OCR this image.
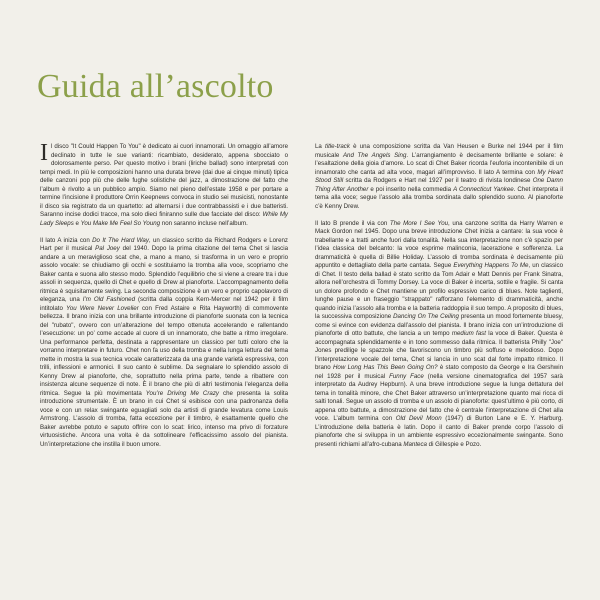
Guida all’ascolto

Il disco "It Could Happen To You" è dedicato ai cuori innamorati. Un omaggio all’amore declinato in tutte le sue varianti: ricambiato, desiderato, appena sbocciato o dolorosamente perso. Per questo motivo i brani (liriche ballad) sono interpretati con tempi medi. In più le composizioni hanno una durata breve (dai due ai cinque minuti) tipica delle canzoni pop più che delle fughe solistiche del jazz, a dimostrazione del fatto che l’album è rivolto a un pubblico ampio. Siamo nel pieno dell’estate 1958 e per portare a termine l’incisione il produttore Orrin Keepnews convoca in studio sei musicisti, nonostante il disco sia registrato da un quartetto: ad alternarsi i due contrabbassisti e i due batteristi. Saranno incise dodici tracce, ma solo dieci finiranno sulle due facciate del disco: While My Lady Sleeps e You Make Me Feel So Young non saranno incluse nell’album.

Il lato A inizia con Do It The Hard Way, un classico scritto da Richard Rodgers e Lorenz Hart per il musical Pal Joey del 1940. Dopo la prima citazione del tema Chet si lascia andare a un meraviglioso scat che, a mano a mano, si trasforma in un vero e proprio assolo vocale: se chiudiamo gli occhi e sostituiamo la tromba alla voce, scopriamo che Baker canta e suona allo stesso modo. Splendido l’equilibrio che si viene a creare tra i due assoli in sequenza, quello di Chet e quello di Drew al pianoforte. L’accompagnamento della ritmica è squisitamente swing. La seconda composizione è un vero e proprio capolavoro di eleganza, una I’m Old Fashioned (scritta dalla coppia Kern-Mercer nel 1942 per il film intitolato You Were Never Lovelier con Fred Astaire e Rita Hayworth) di commovente bellezza. Il brano inizia con una brillante introduzione di pianoforte suonata con la tecnica del "rubato", ovvero con un’alterazione del tempo ottenuta accelerando e rallentando l’esecuzione: un po’ come accade al cuore di un innamorato, che batte a ritmo irregolare. Una performance perfetta, destinata a rappresentare un classico per tutti coloro che la vorranno interpretare in futuro. Chet non fa uso della tromba e nella lunga lettura del tema mette in mostra la sua tecnica vocale caratterizzata da una grande varietà espressiva, con trilli, inflessioni e armonici. Il suo canto è sublime. Da segnalare lo splendido assolo di Kenny Drew al pianoforte, che, soprattutto nella prima parte, tende a ribattere con insistenza alcune sequenze di note. È il brano che più di altri testimonia l’eleganza della ritmica. Segue la più movimentata You’re Driving Me Crazy che presenta la solita introduzione strumentale. È un brano in cui Chet si esibisce con una padronanza della voce e con un relax swingante eguagliati solo da artisti di grande levatura come Louis Armstrong. L’assolo di tromba, fatta eccezione per il timbro, è esattamente quello che Baker avrebbe potuto e saputo offrire con lo scat: lirico, intenso ma privo di forzature virtuosistiche. Ancora una volta è da sottolineare l’efficacissimo assolo del pianista. Un’interpretazione che instilla il buon umore.

La title-track è una composizione scritta da Van Heusen e Burke nel 1944 per il film musicale And The Angels Sing. L’arrangiamento è decisamente brillante e solare: è l’esaltazione della gioia d’amore. Lo scat di Chet Baker ricorda l’euforia incontenibile di un innamorato che canta ad alta voce, magari all’improvviso. Il lato A termina con My Heart Stood Still scritta da Rodgers e Hart nel 1927 per il teatro di rivista londinese One Damn Thing After Another e poi inserito nella commedia A Connecticut Yankee. Chet interpreta il tema alla voce; segue l’assolo alla tromba sordinata dallo splendido suono. Al pianoforte c’è Kenny Drew.

Il lato B prende il via con The More I See You, una canzone scritta da Harry Warren e Mack Gordon nel 1945. Dopo una breve introduzione Chet inizia a cantare: la sua voce è trabellante e a tratti anche fuori dalla tonalità. Nella sua interpretazione non c’è spazio per l’idea classica del belcanto: la voce esprime malinconia, lacerazione e sofferenza. La drammaticità è quella di Billie Holiday. L’assolo di tromba sordinata è decisamente più appuntito e dettagliato della parte cantata. Segue Everything Happens To Me, un classico di Chet. Il testo della ballad è stato scritto da Tom Adair e Matt Dennis per Frank Sinatra, allora nell’orchestra di Tommy Dorsey. La voce di Baker è incerta, sottile e fragile. Si canta un dolore profondo e Chet mantiene un profilo espressivo carico di blues. Note taglienti, lunghe pause e un fraseggio "strappato" rafforzano l’elemento di drammaticità, anche quando inizia l’assolo alla tromba e la batteria raddoppia il suo tempo. A proposito di blues, la successiva composizione Dancing On The Ceiling presenta un mood fortemente bluesy, come si evince con evidenza dall’assolo del pianista. Il brano inizia con un’introduzione di pianoforte di otto battute, che lancia a un tempo medium fast la voce di Baker. Questa è accompagnata splendidamente e in tono sommesso dalla ritmica. Il batterista Philly "Joe" Jones predilige le spazzole che favoriscono un timbro più soffuso e melodioso. Dopo l’interpretazione vocale del tema, Chet si lancia in uno scat dal forte impatto ritmico. Il brano How Long Has This Been Going On? è stato composto da George e Ira Gershwin nel 1928 per il musical Funny Face (nella versione cinematografica del 1957 sarà interpretato da Audrey Hepburn). A una breve introduzione segue la lunga dettatura del tema in tonalità minore, che Chet Baker attraverso un’interpretazione quanto mai ricca di salti tonali. Segue un assolo di tromba e un assolo di pianoforte: quest’ultimo è più corto, di appena otto battute, a dimostrazione del fatto che è centrale l’interpretazione di Chet alla voce. L’album termina con Old Devil Moon (1947) di Burton Lane e E. Y. Harburg. L’introduzione della batteria è latin. Dopo il canto di Baker prende corpo l’assolo di pianoforte che si sviluppa in un ambiente espressivo eccezionalmente swingante. Sono presenti richiami all’afro-cubana Manteca di Gillespie e Pozo.
